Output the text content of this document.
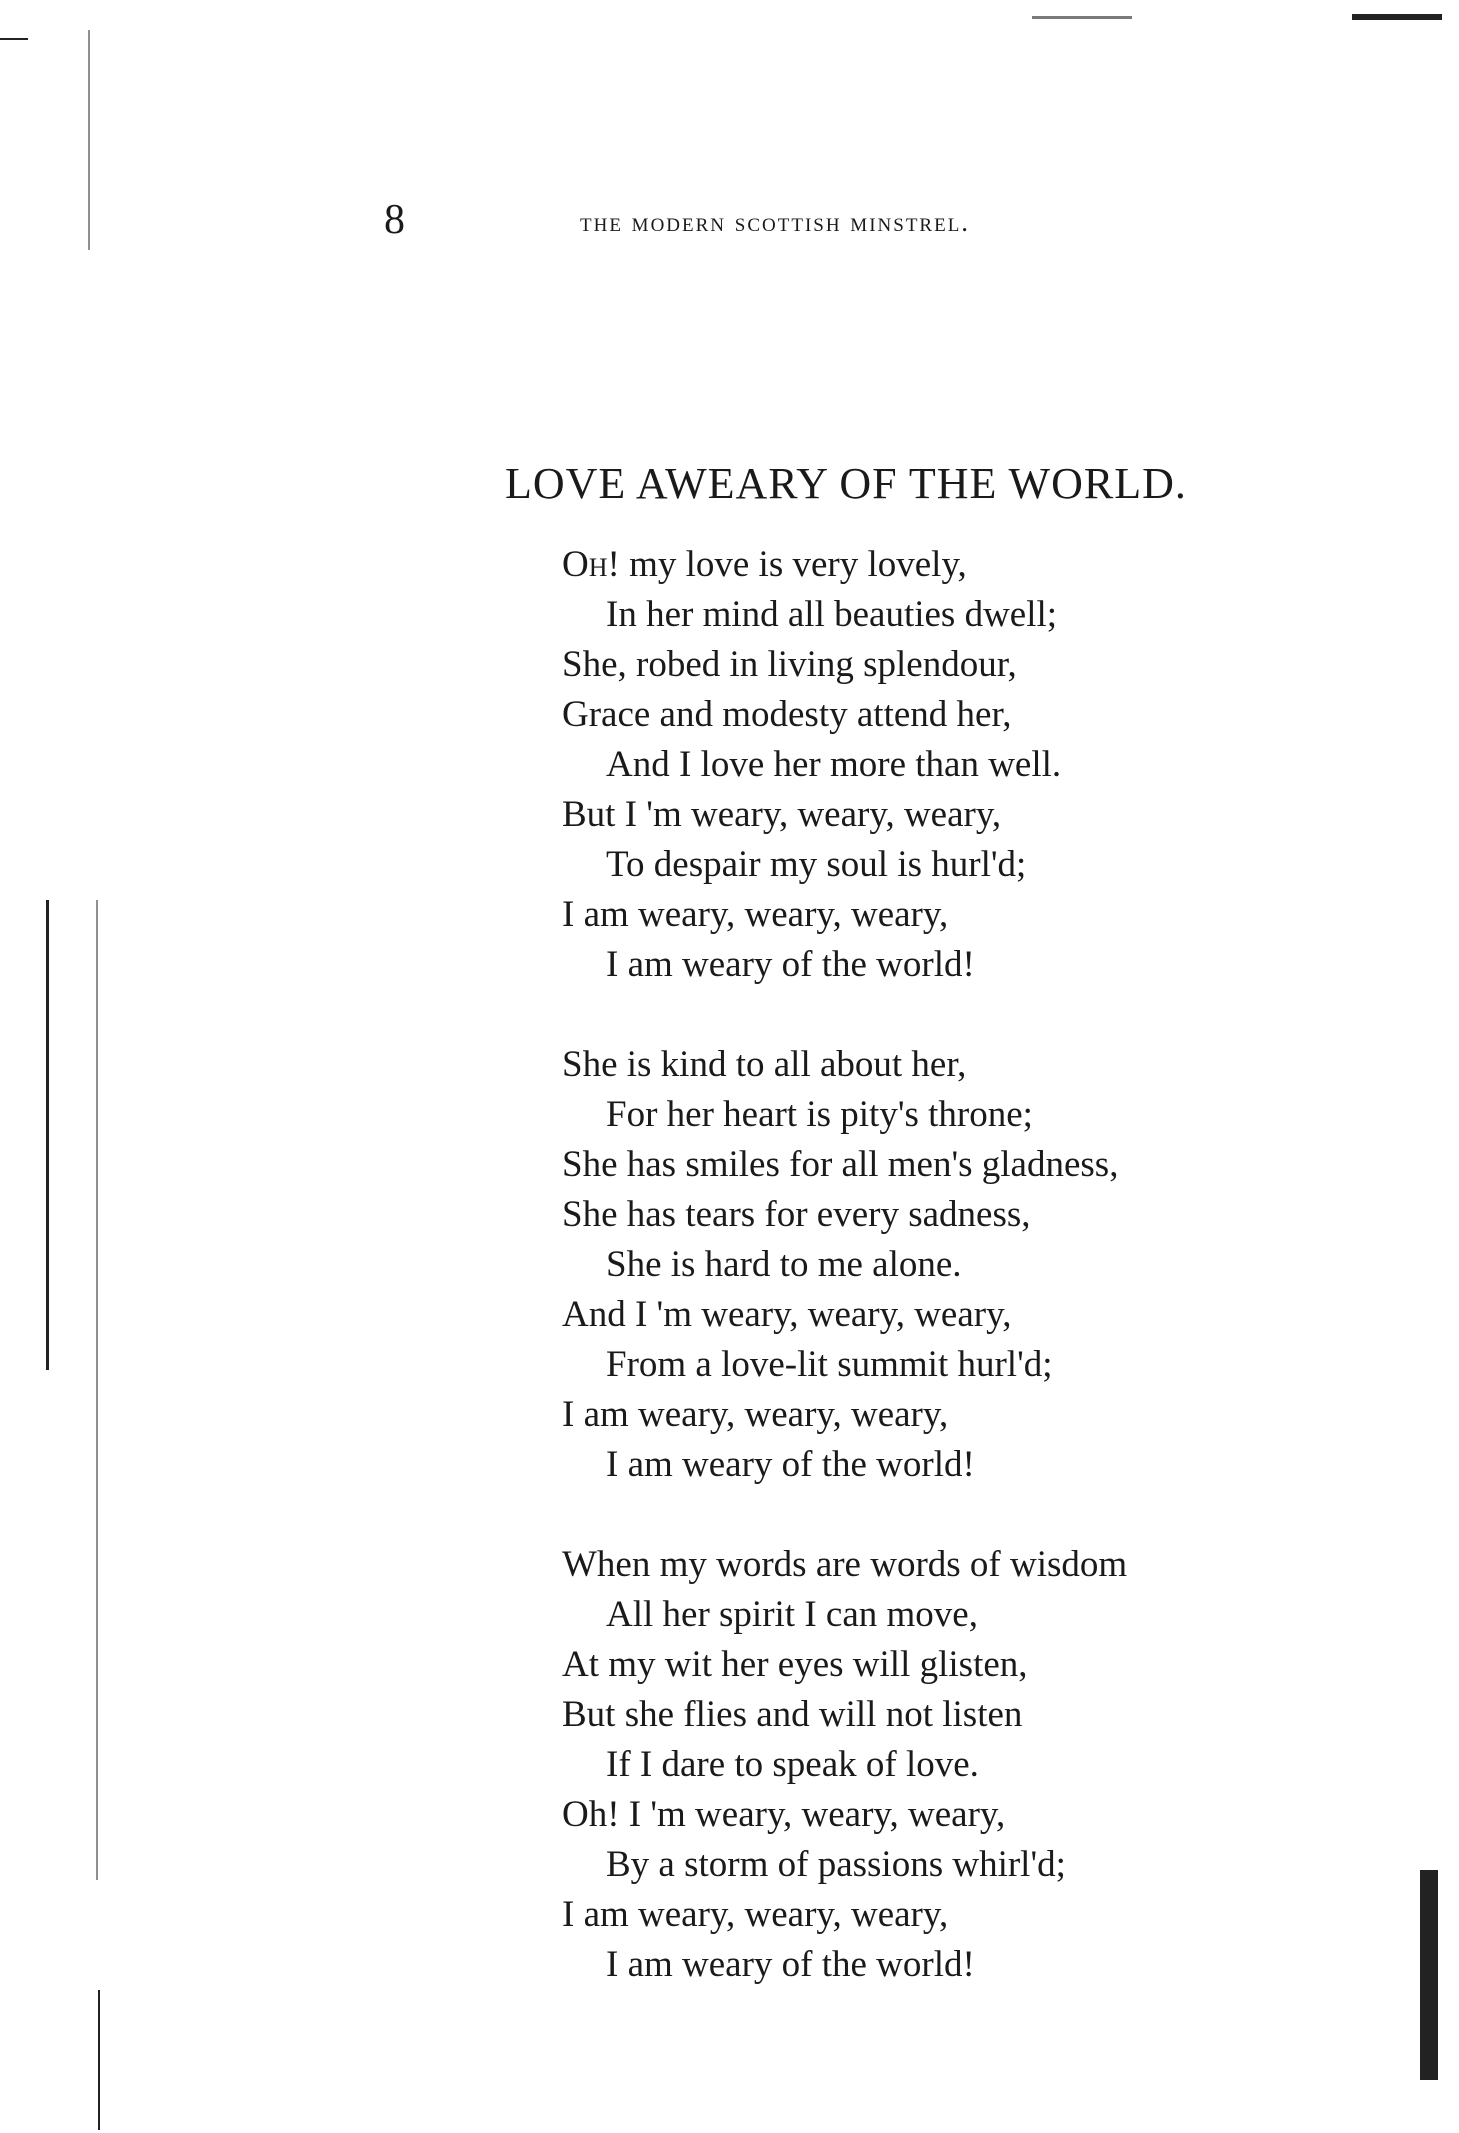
8	the modern scottish minstrel.
LOVE AWEARY OF THE WORLD.
Oh! my love is very lovely,
In her mind all beauties dwell;
She, robed in living splendour,
Grace and modesty attend her,
And I love her more than well.
But I 'm weary, weary, weary,
To despair my soul is hurl'd;
I am weary, weary, weary,
I am weary of the world!
She is kind to all about her,
For her heart is pity's throne;
She has smiles for all men's gladness,
She has tears for every sadness,
She is hard to me alone.
And I 'm weary, weary, weary,
From a love-lit summit hurl'd;
I am weary, weary, weary,
I am weary of the world!
When my words are words of wisdom
All her spirit I can move,
At my wit her eyes will glisten,
But she flies and will not listen
If I dare to speak of love.
Oh! I 'm weary, weary, weary,
By a storm of passions whirl'd;
I am weary, weary, weary,
I am weary of the world!
